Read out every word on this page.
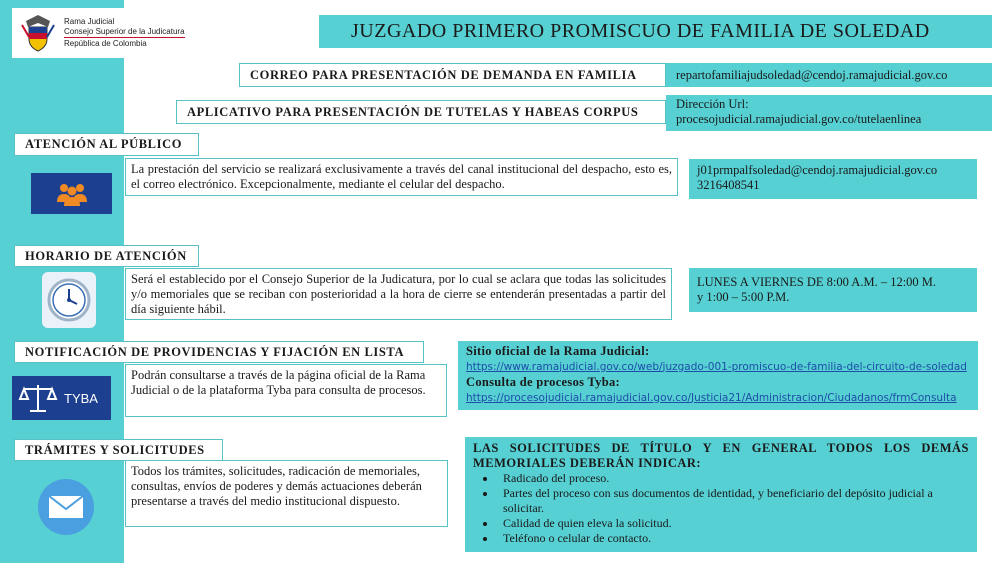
Rama Judicial
Consejo Superior de la Judicatura
República de Colombia
JUZGADO PRIMERO PROMISCUO DE FAMILIA DE SOLEDAD
CORREO PARA PRESENTACIÓN DE DEMANDA EN FAMILIA	repartofamiliajudsoledad@cendoj.ramajudicial.gov.co
APLICATIVO PARA PRESENTACIÓN DE TUTELAS Y HABEAS CORPUS
Dirección Url:
procesojudicial.ramajudicial.gov.co/tutelaenlinea
ATENCIÓN AL PÚBLICO
La prestación del servicio se realizará exclusivamente a través del canal institucional del despacho, esto es, el correo electrónico. Excepcionalmente, mediante el celular del despacho.
j01prmpalfsoledad@cendoj.ramajudicial.gov.co
3216408541
HORARIO DE ATENCIÓN
Será el establecido por el Consejo Superior de la Judicatura, por lo cual se aclara que todas las solicitudes y/o memoriales que se reciban con posterioridad a la hora de cierre se entenderán presentadas a partir del día siguiente hábil.
LUNES A VIERNES DE 8:00 A.M. – 12:00 M.
y 1:00 – 5:00 P.M.
NOTIFICACIÓN DE PROVIDENCIAS Y FIJACIÓN EN LISTA
TYBA
Podrán consultarse a través de la página oficial de la Rama Judicial o de la plataforma Tyba para consulta de procesos.
Sitio oficial de la Rama Judicial:
https://www.ramajudicial.gov.co/web/juzgado-001-promiscuo-de-familia-del-circuito-de-soledad
Consulta de procesos Tyba:
https://procesojudicial.ramajudicial.gov.co/Justicia21/Administracion/Ciudadanos/frmConsulta
TRÁMITES Y SOLICITUDES
Todos los trámites, solicitudes, radicación de memoriales, consultas, envíos de poderes y demás actuaciones deberán presentarse a través del medio institucional dispuesto.
LAS SOLICITUDES DE TÍTULO Y EN GENERAL TODOS LOS DEMÁS MEMORIALES DEBERÁN INDICAR:
• Radicado del proceso.
• Partes del proceso con sus documentos de identidad, y beneficiario del depósito judicial a solicitar.
• Calidad de quien eleva la solicitud.
• Teléfono o celular de contacto.
